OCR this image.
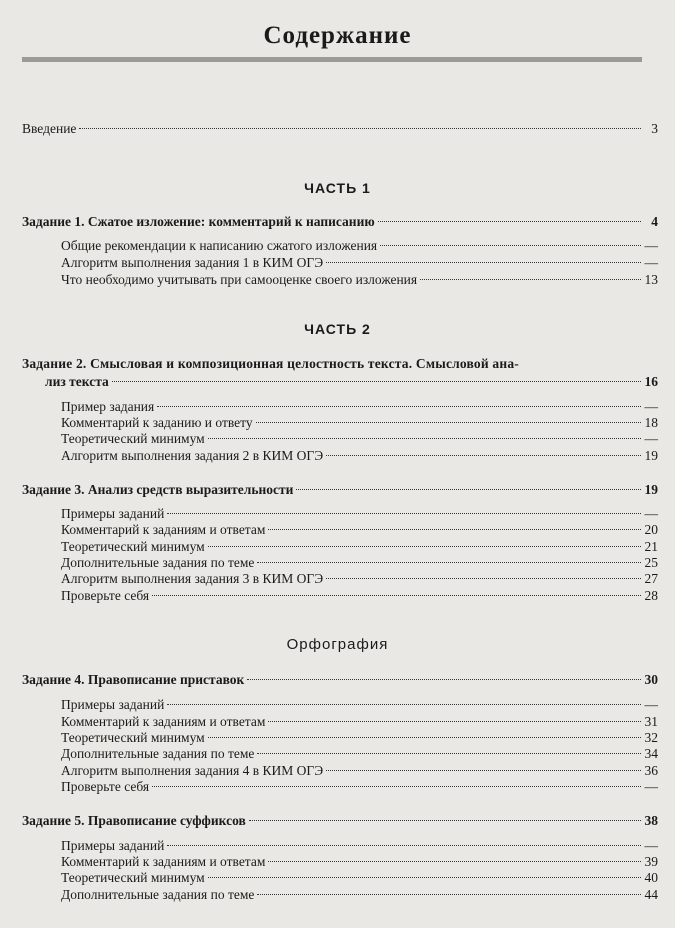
Содержание
Введение	3
ЧАСТЬ 1
Задание 1. Сжатое изложение: комментарий к написанию	4
Общие рекомендации к написанию сжатого изложения	—
Алгоритм выполнения задания 1 в КИМ ОГЭ	—
Что необходимо учитывать при самооценке своего изложения	13
ЧАСТЬ 2
Задание 2. Смысловая и композиционная целостность текста. Смысловой ана-
лиз текста	16
Пример задания	—
Комментарий к заданию и ответу	18
Теоретический минимум	—
Алгоритм выполнения задания 2 в КИМ ОГЭ	19
Задание 3. Анализ средств выразительности	19
Примеры заданий	—
Комментарий к заданиям и ответам	20
Теоретический минимум	21
Дополнительные задания по теме	25
Алгоритм выполнения задания 3 в КИМ ОГЭ	27
Проверьте себя	28
Орфография
Задание 4. Правописание приставок	30
Примеры заданий	—
Комментарий к заданиям и ответам	31
Теоретический минимум	32
Дополнительные задания по теме	34
Алгоритм выполнения задания 4 в КИМ ОГЭ	36
Проверьте себя	—
Задание 5. Правописание суффиксов	38
Примеры заданий	—
Комментарий к заданиям и ответам	39
Теоретический минимум	40
Дополнительные задания по теме	44
